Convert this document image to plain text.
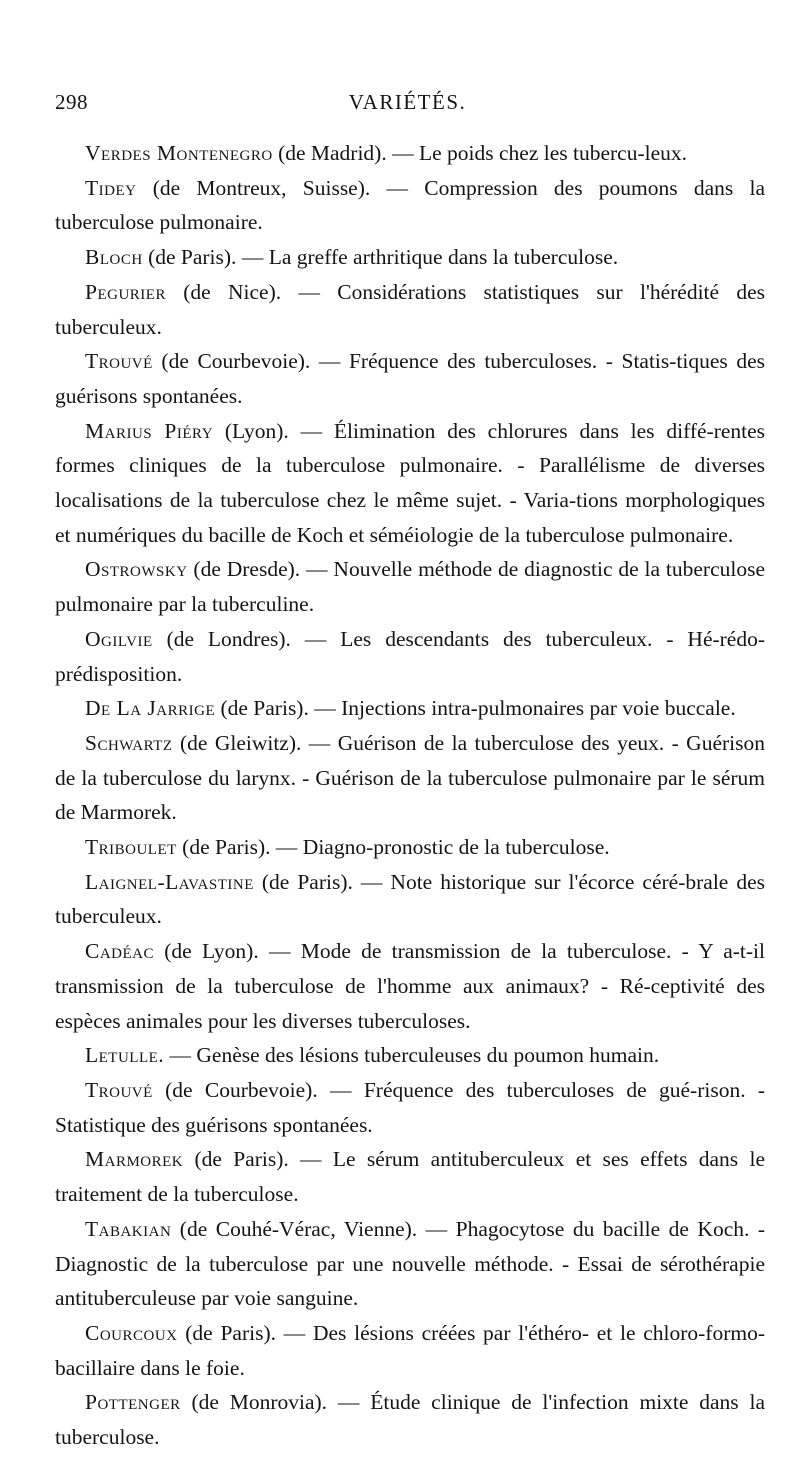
298	VARIÉTÉS.

Verdes Montenegro (de Madrid). — Le poids chez les tubercu-leux.

Tidey (de Montreux, Suisse). — Compression des poumons dans la tuberculose pulmonaire.

Bloch (de Paris). — La greffe arthritique dans la tuberculose.

Pegurier (de Nice). — Considérations statistiques sur l'hérédité des tuberculeux.

Trouvé (de Courbevoie). — Fréquence des tuberculoses. - Statis-tiques des guérisons spontanées.

Marius Piéry (Lyon). — Élimination des chlorures dans les diffé-rentes formes cliniques de la tuberculose pulmonaire. - Parallélisme de diverses localisations de la tuberculose chez le même sujet. - Varia-tions morphologiques et numériques du bacille de Koch et séméiologie de la tuberculose pulmonaire.

Ostrowsky (de Dresde). — Nouvelle méthode de diagnostic de la tuberculose pulmonaire par la tuberculine.

Ogilvie (de Londres). — Les descendants des tuberculeux. - Hé-rédo-prédisposition.

De La Jarrige (de Paris). — Injections intra-pulmonaires par voie buccale.

Schwartz (de Gleiwitz). — Guérison de la tuberculose des yeux. - Guérison de la tuberculose du larynx. - Guérison de la tuberculose pulmonaire par le sérum de Marmorek.

Triboulet (de Paris). — Diagno-pronostic de la tuberculose.

Laignel-Lavastine (de Paris). — Note historique sur l'écorce céré-brale des tuberculeux.

Cadéac (de Lyon). — Mode de transmission de la tuberculose. - Y a-t-il transmission de la tuberculose de l'homme aux animaux? - Ré-ceptivité des espèces animales pour les diverses tuberculoses.

Letulle. — Genèse des lésions tuberculeuses du poumon humain.

Trouvé (de Courbevoie). — Fréquence des tuberculoses de gué-rison. - Statistique des guérisons spontanées.

Marmorek (de Paris). — Le sérum antituberculeux et ses effets dans le traitement de la tuberculose.

Tabakian (de Couhé-Vérac, Vienne). — Phagocytose du bacille de Koch. - Diagnostic de la tuberculose par une nouvelle méthode. - Essai de sérothérapie antituberculeuse par voie sanguine.

Courcoux (de Paris). — Des lésions créées par l'éthéro- et le chloro-formo-bacillaire dans le foie.

Pottenger (de Monrovia). — Étude clinique de l'infection mixte dans la tuberculose.
